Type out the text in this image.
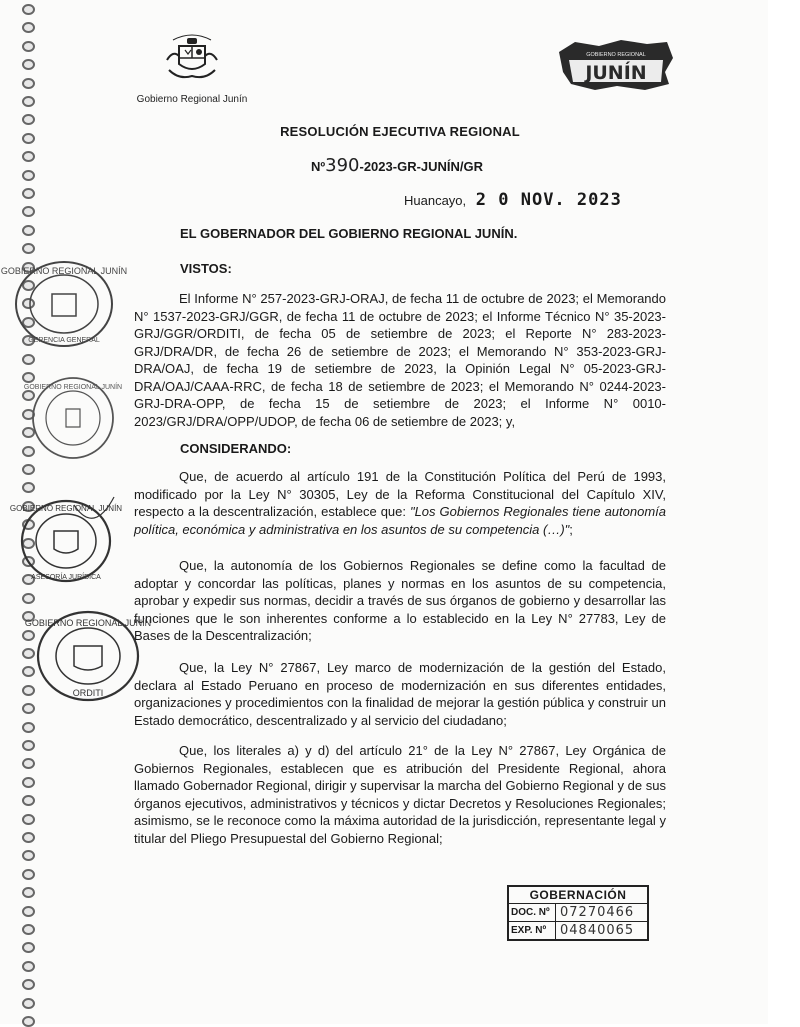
Gobierno Regional Junín
GOBIERNO REGIONAL
JUNÍN
RESOLUCIÓN EJECUTIVA REGIONAL
Nº390-2023-GR-JUNÍN/GR
Huancayo, 2 0 NOV. 2023
EL GOBERNADOR DEL GOBIERNO REGIONAL JUNÍN.
VISTOS:
El Informe N° 257-2023-GRJ-ORAJ, de fecha 11 de octubre de 2023; el Memorando N° 1537-2023-GRJ/GGR, de fecha 11 de octubre de 2023; el Informe Técnico N° 35-2023-GRJ/GGR/ORDITI, de fecha 05 de setiembre de 2023; el Reporte N° 283-2023-GRJ/DRA/DR, de fecha 26 de setiembre de 2023; el Memorando N° 353-2023-GRJ-DRA/OAJ, de fecha 19 de setiembre de 2023, la Opinión Legal N° 05-2023-GRJ-DRA/OAJ/CAAA-RRC, de fecha 18 de setiembre de 2023; el Memorando N° 0244-2023-GRJ-DRA-OPP, de fecha 15 de setiembre de 2023; el Informe N° 0010-2023/GRJ/DRA/OPP/UDOP, de fecha 06 de setiembre de 2023; y,
CONSIDERANDO:
Que, de acuerdo al artículo 191 de la Constitución Política del Perú de 1993, modificado por la Ley N° 30305, Ley de la Reforma Constitucional del Capítulo XIV, respecto a la descentralización, establece que: "Los Gobiernos Regionales tiene autonomía política, económica y administrativa en los asuntos de su competencia (…)";
Que, la autonomía de los Gobiernos Regionales se define como la facultad de adoptar y concordar las políticas, planes y normas en los asuntos de su competencia, aprobar y expedir sus normas, decidir a través de sus órganos de gobierno y desarrollar las funciones que le son inherentes conforme a lo establecido en la Ley N° 27783, Ley de Bases de la Descentralización;
Que, la Ley N° 27867, Ley marco de modernización de la gestión del Estado, declara al Estado Peruano en proceso de modernización en sus diferentes entidades, organizaciones y procedimientos con la finalidad de mejorar la gestión pública y construir un Estado democrático, descentralizado y al servicio del ciudadano;
Que, los literales a) y d) del artículo 21° de la Ley N° 27867, Ley Orgánica de Gobiernos Regionales, establecen que es atribución del Presidente Regional, ahora llamado Gobernador Regional, dirigir y supervisar la marcha del Gobierno Regional y de sus órganos ejecutivos, administrativos y técnicos y dictar Decretos y Resoluciones Regionales; asimismo, se le reconoce como la máxima autoridad de la jurisdicción, representante legal y titular del Pliego Presupuestal del Gobierno Regional;
GOBIERNO REGIONAL JUNÍN
GERENCIA GENERAL
GOBIERNO REGIONAL JUNÍN
GOBIERNO REGIONAL JUNÍN
ASESORÍA JURÍDICA
GOBIERNO REGIONAL JUNÍN
ORDITI
GOBERNACIÓN
DOC. Nº 07270466
EXP. Nº	04840065
